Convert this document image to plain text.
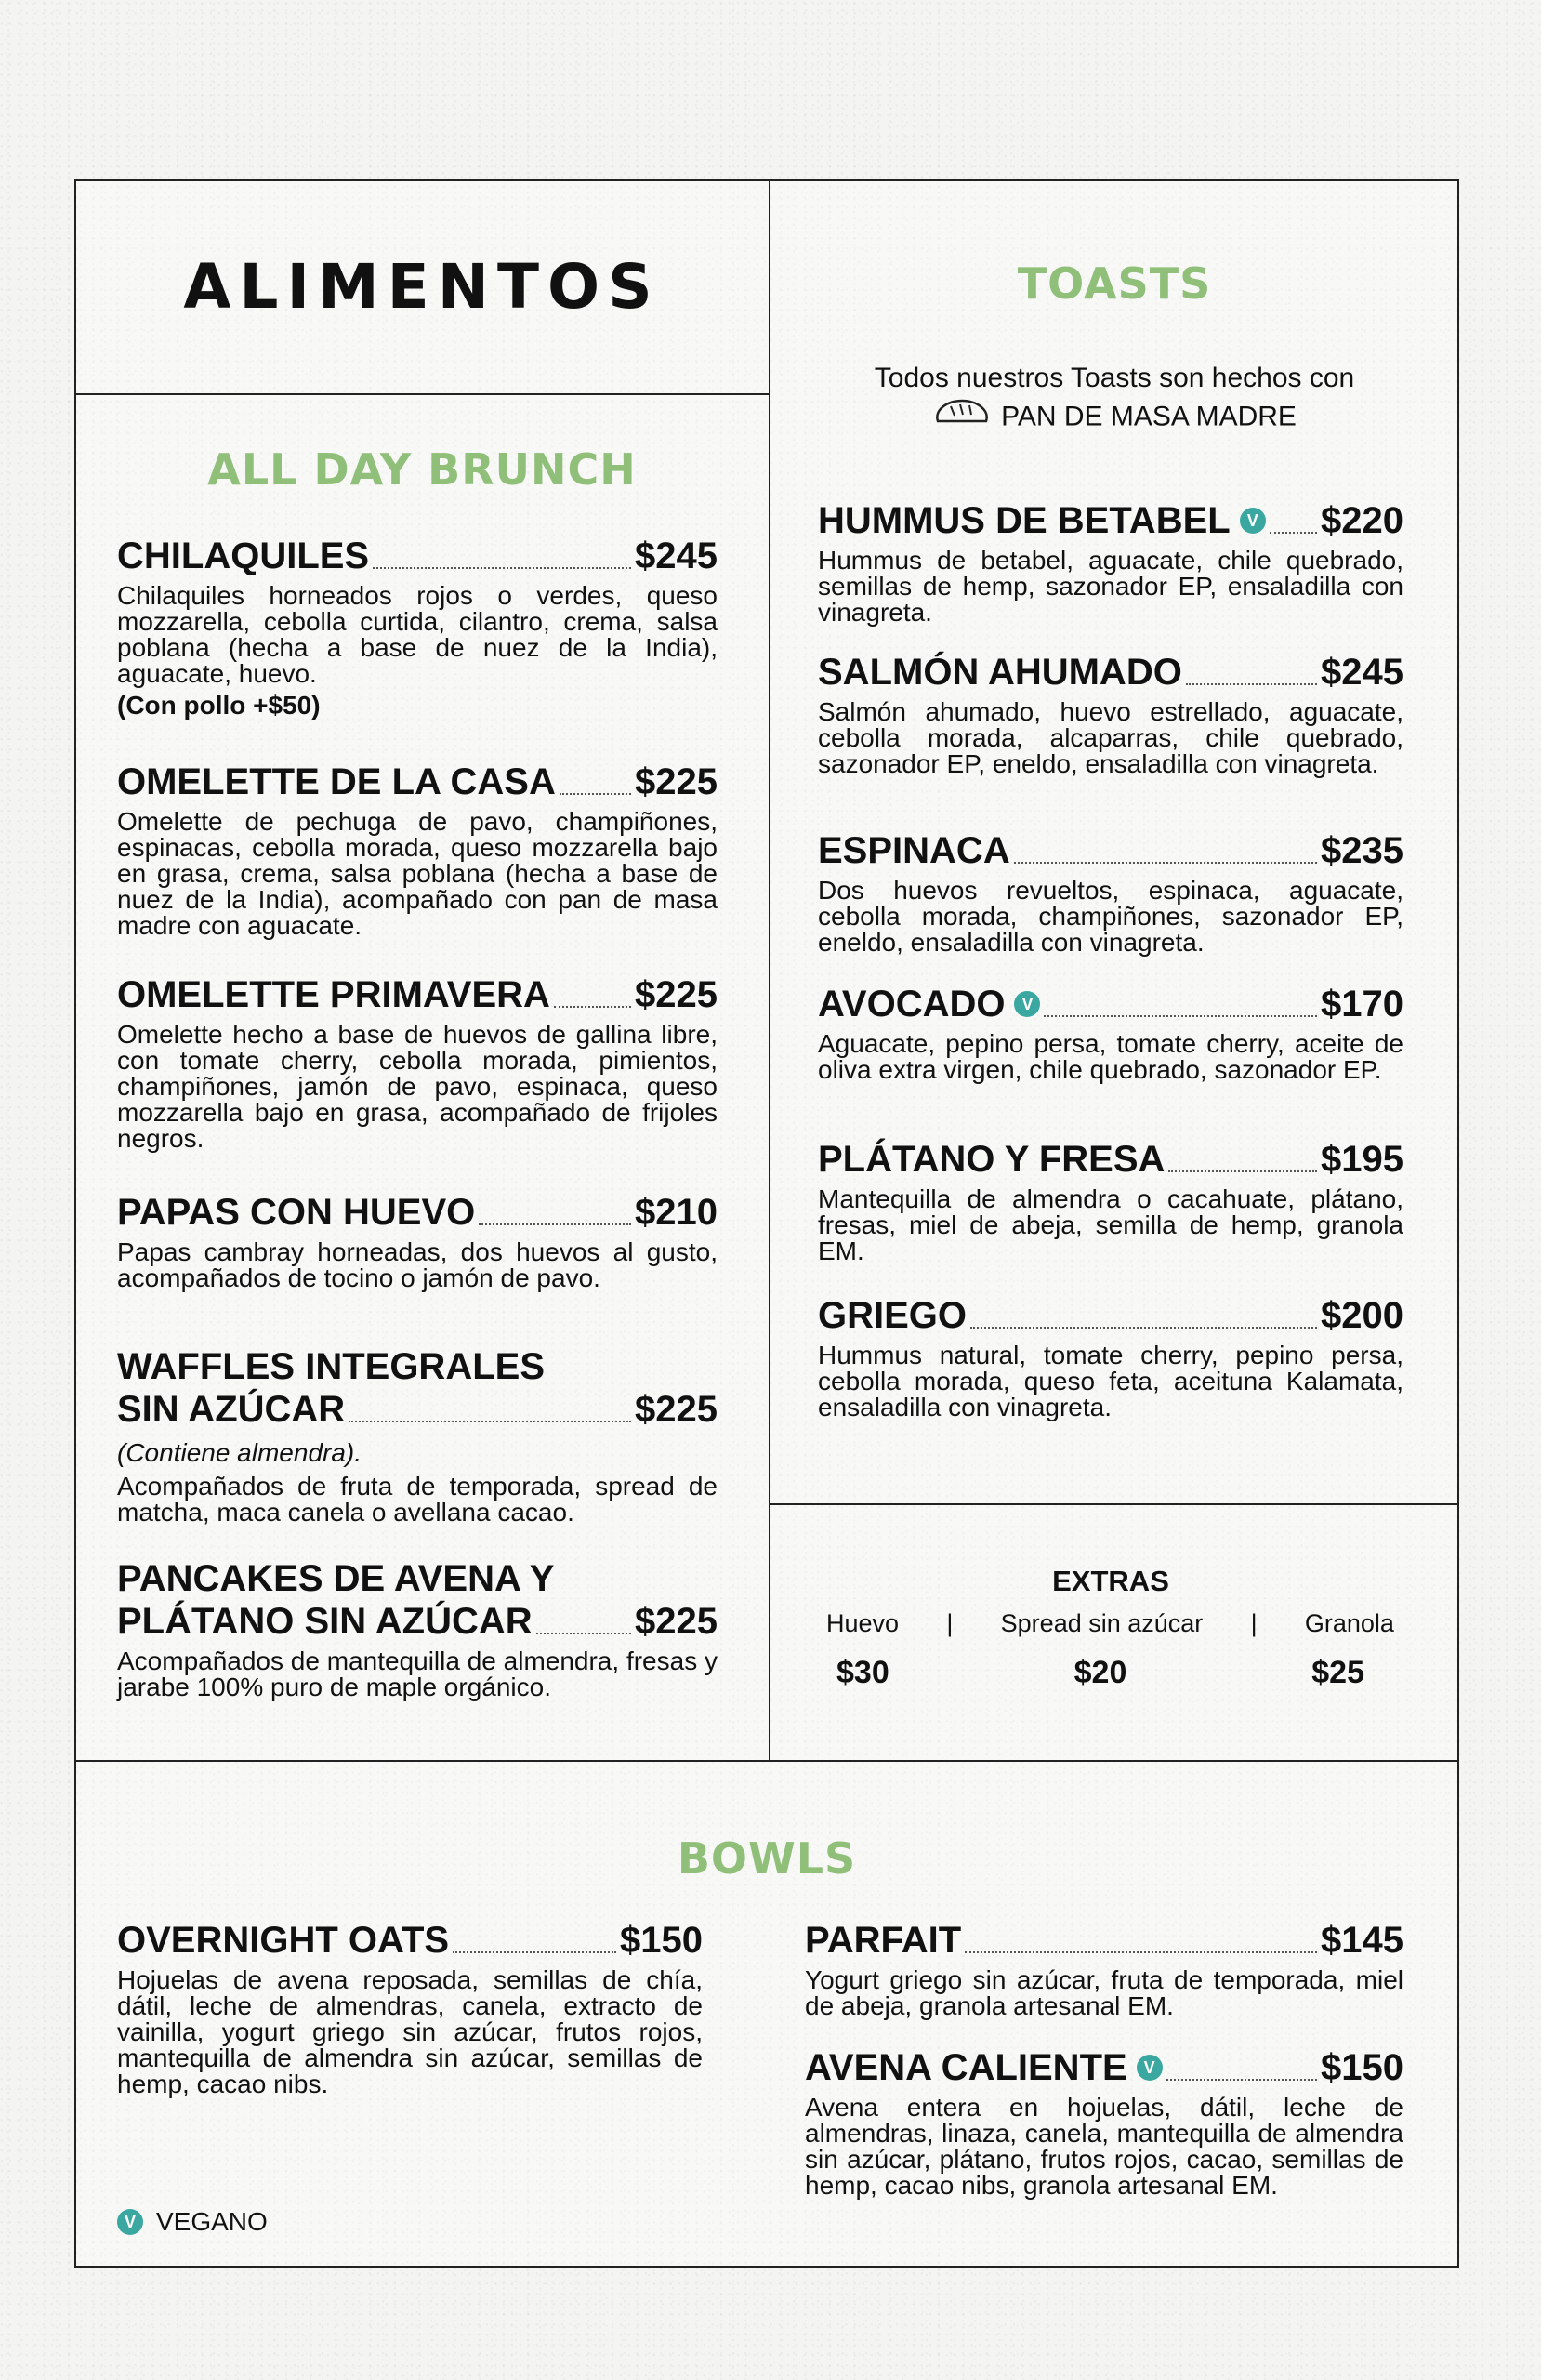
ALIMENTOS
ALL DAY BRUNCH
CHILAQUILES	$245
Chilaquiles horneados rojos o verdes, queso mozzarella, cebolla curtida, cilantro, crema, salsa poblana (hecha a base de nuez de la India), aguacate, huevo.
(Con pollo +$50)
OMELETTE DE LA CASA $225
Omelette de pechuga de pavo, champiñones, espinacas, cebolla morada, queso mozzarella bajo en grasa, crema, salsa poblana (hecha a base de nuez de la India), acompañado con pan de masa madre con aguacate.
OMELETTE PRIMAVERA $225
Omelette hecho a base de huevos de gallina libre, con tomate cherry, cebolla morada, pimientos, champiñones, jamón de pavo, espinaca, queso mozzarella bajo en grasa, acompañado de frijoles negros.
PAPAS CON HUEVO	$210
Papas cambray horneadas, dos huevos al gusto, acompañados de tocino o jamón de pavo.
WAFFLES INTEGRALES
SIN AZÚCAR	$225
(Contiene almendra).
Acompañados de fruta de temporada, spread de matcha, maca canela o avellana cacao.
PANCAKES DE AVENA Y
PLÁTANO SIN AZÚCAR	$225
Acompañados de mantequilla de almendra, fresas y jarabe 100% puro de maple orgánico.
TOASTS
Todos nuestros Toasts son hechos con
PAN DE MASA MADRE
HUMMUS DE BETABEL V $220
Hummus de betabel, aguacate, chile quebrado, semillas de hemp, sazonador EP, ensaladilla con vinagreta.
SALMÓN AHUMADO	$245
Salmón ahumado, huevo estrellado, aguacate, cebolla morada, alcaparras, chile quebrado, sazonador EP, eneldo, ensaladilla con vinagreta.
ESPINACA	$235
Dos huevos revueltos, espinaca, aguacate, cebolla morada, champiñones, sazonador EP, eneldo, ensaladilla con vinagreta.
AVOCADO V	$170
Aguacate, pepino persa, tomate cherry, aceite de oliva extra virgen, chile quebrado, sazonador EP.
PLÁTANO Y FRESA	$195
Mantequilla de almendra o cacahuate, plátano, fresas, miel de abeja, semilla de hemp, granola EM.
GRIEGO	$200
Hummus natural, tomate cherry, pepino persa, cebolla morada, queso feta, aceituna Kalamata, ensaladilla con vinagreta.
EXTRAS
Huevo | Spread sin azúcar | Granola
$30	$20	$25
BOWLS
OVERNIGHT OATS	$150
Hojuelas de avena reposada, semillas de chía, dátil, leche de almendras, canela, extracto de vainilla, yogurt griego sin azúcar, frutos rojos, mantequilla de almendra sin azúcar, semillas de hemp, cacao nibs.
PARFAIT	$145
Yogurt griego sin azúcar, fruta de temporada, miel de abeja, granola artesanal EM.
AVENA CALIENTE V	$150
Avena entera en hojuelas, dátil, leche de almendras, linaza, canela, mantequilla de almendra sin azúcar, plátano, frutos rojos, cacao, semillas de hemp, cacao nibs, granola artesanal EM.
V VEGANO
